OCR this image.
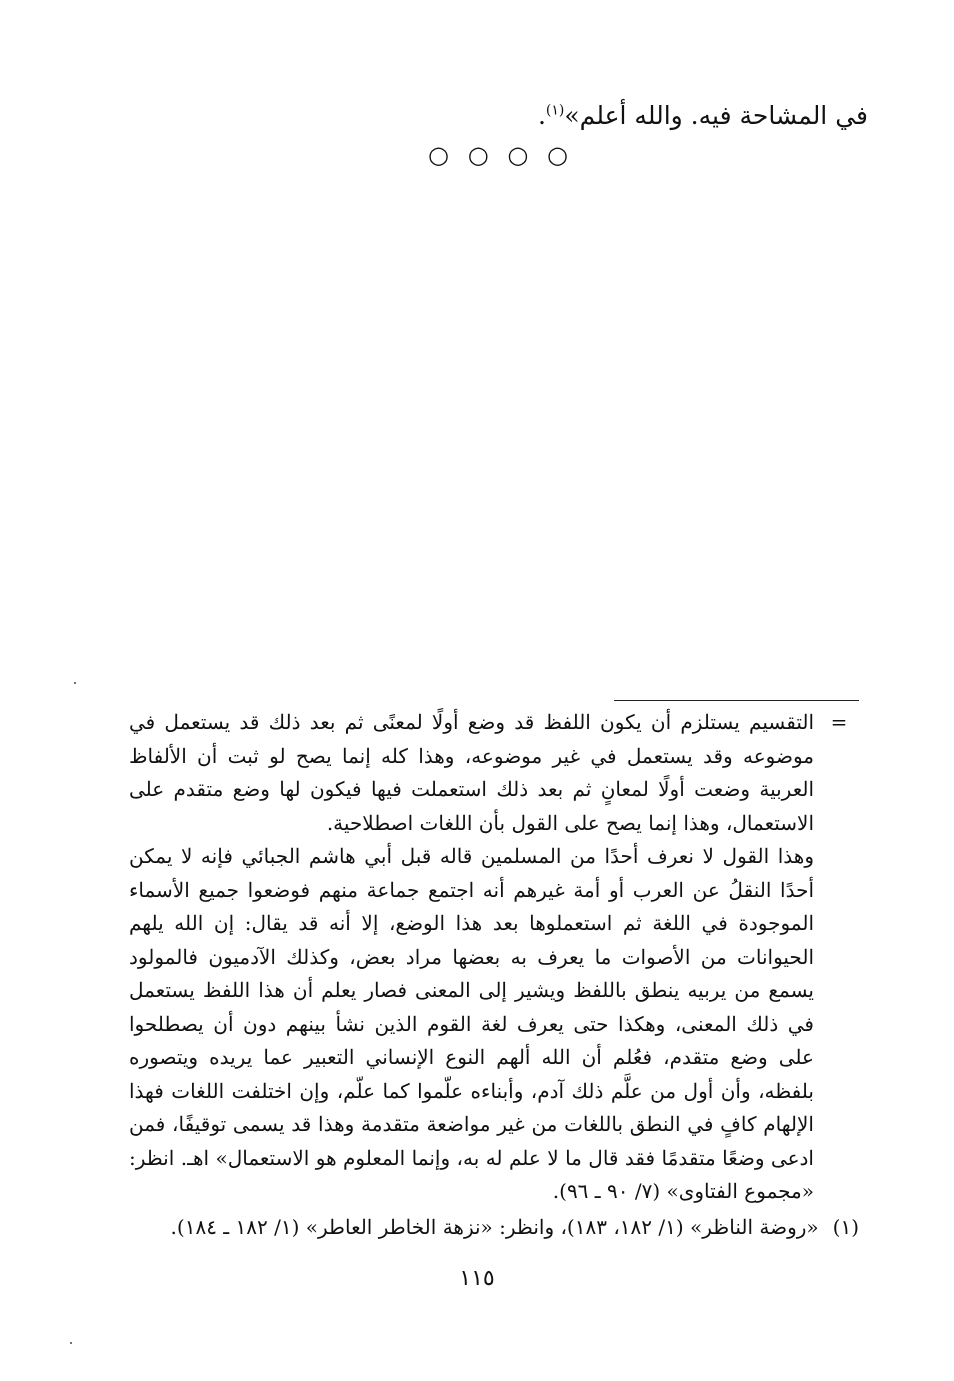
في المشاحة فيه. والله أعلم»$^{(١)}$.
○
○
○
○
=

التقسيم يستلزم أن يكون اللفظ قد وضع أولًا لمعنًى ثم بعد ذلك قد يستعمل في موضوعه وقد يستعمل في غير موضوعه، وهذا كله إنما يصح لو ثبت أن الألفاظ العربية وضعت أولًا لمعانٍ ثم بعد ذلك استعملت فيها فيكون لها وضع متقدم على الاستعمال، وهذا إنما يصح على القول بأن اللغات اصطلاحية.

وهذا القول لا نعرف أحدًا من المسلمين قاله قبل أبي هاشم الجبائي فإنه لا يمكن أحدًا النقلُ عن العرب أو أمة غيرهم أنه اجتمع جماعة منهم فوضعوا جميع الأسماء الموجودة في اللغة ثم استعملوها بعد هذا الوضع، إلا أنه قد يقال: إن الله يلهم الحيوانات من الأصوات ما يعرف به بعضها مراد بعض، وكذلك الآدميون فالمولود يسمع من يربيه ينطق باللفظ ويشير إلى المعنى فصار يعلم أن هذا اللفظ يستعمل في ذلك المعنى، وهكذا حتى يعرف لغة القوم الذين نشأ بينهم دون أن يصطلحوا على وضع متقدم، فعُلم أن الله ألهم النوع الإنساني التعبير عما يريده ويتصوره بلفظه، وأن أول من علَّم ذلك آدم، وأبناءه علّموا كما علّم، وإن اختلفت اللغات فهذا الإلهام كافٍ في النطق باللغات من غير مواضعة متقدمة وهذا قد يسمى توقيفًا، فمن ادعى وضعًا متقدمًا فقد قال ما لا علم له به، وإنما المعلوم هو الاستعمال» اهـ. انظر: «مجموع الفتاوى» (٧/ ٩٠ ـ ٩٦).

(١)«روضة الناظر» (١/ ١٨٢، ١٨٣)، وانظر: «نزهة الخاطر العاطر» (١/ ١٨٢ ـ ١٨٤).
١١٥
